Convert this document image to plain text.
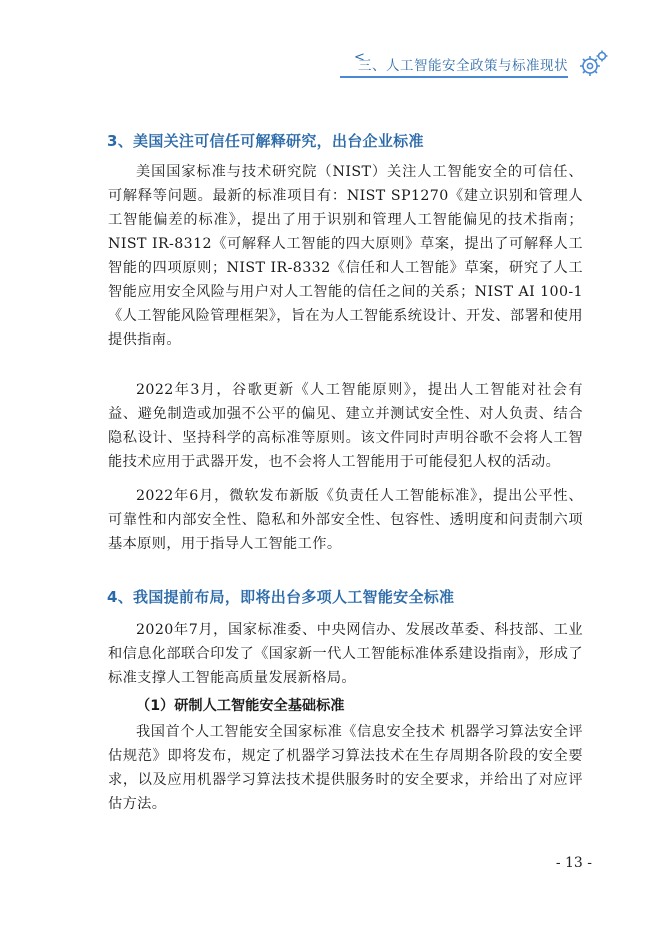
<
三、人工智能安全政策与标准现状
3、美国关注可信任可解释研究，出台企业标准

美国国家标准与技术研究院（NIST）关注人工智能安全的可信任、可解释等问题。最新的标准项目有：NIST SP1270《建立识别和管理人工智能偏差的标准》，提出了用于识别和管理人工智能偏见的技术指南；NIST IR-8312《可解释人工智能的四大原则》草案，提出了可解释人工智能的四项原则；NIST IR-8332《信任和人工智能》草案，研究了人工智能应用安全风险与用户对人工智能的信任之间的关系；NIST AI 100-1《人工智能风险管理框架》，旨在为人工智能系统设计、开发、部署和使用提供指南。

2022年3月，谷歌更新《人工智能原则》，提出人工智能对社会有益、避免制造或加强不公平的偏见、建立并测试安全性、对人负责、结合隐私设计、坚持科学的高标准等原则。该文件同时声明谷歌不会将人工智能技术应用于武器开发，也不会将人工智能用于可能侵犯人权的活动。

2022年6月，微软发布新版《负责任人工智能标准》，提出公平性、可靠性和内部安全性、隐私和外部安全性、包容性、透明度和问责制六项基本原则，用于指导人工智能工作。

4、我国提前布局，即将出台多项人工智能安全标准

2020年7月，国家标准委、中央网信办、发展改革委、科技部、工业和信息化部联合印发了《国家新一代人工智能标准体系建设指南》，形成了标准支撑人工智能高质量发展新格局。

（1）研制人工智能安全基础标准

我国首个人工智能安全国家标准《信息安全技术 机器学习算法安全评估规范》即将发布，规定了机器学习算法技术在生存周期各阶段的安全要求，以及应用机器学习算法技术提供服务时的安全要求，并给出了对应评估方法。

- 13 -
